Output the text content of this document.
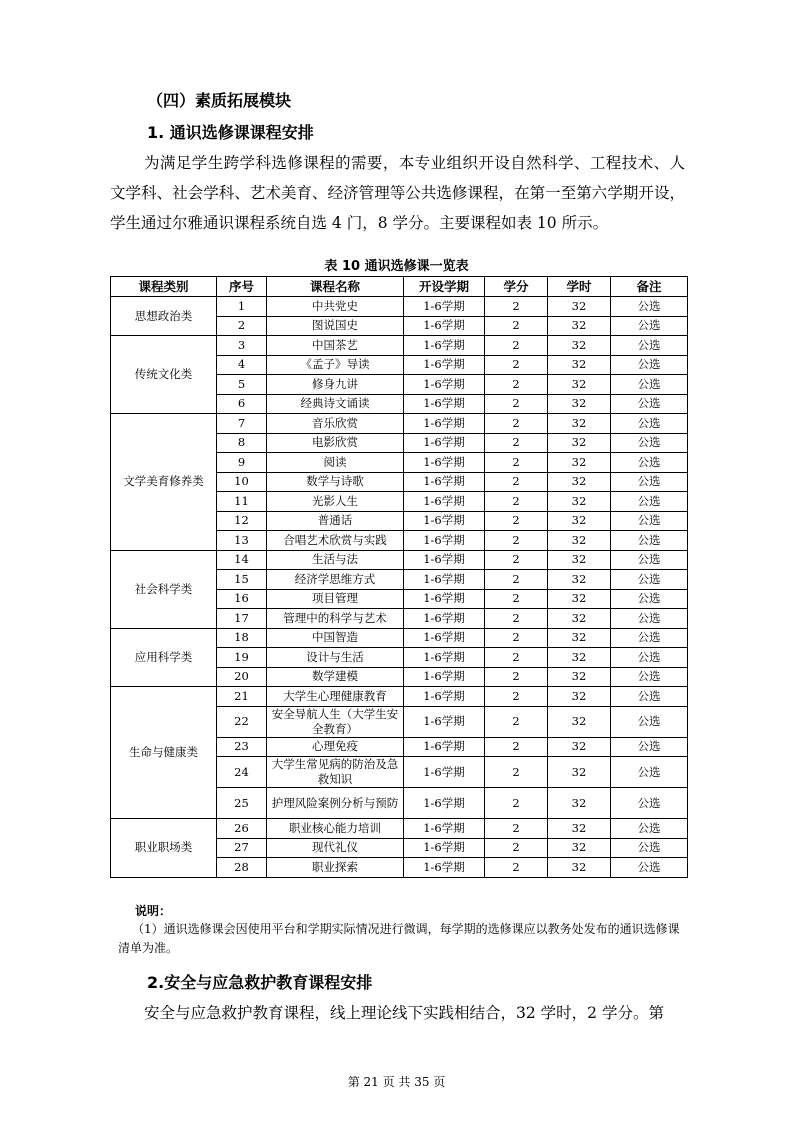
（四）素质拓展模块
1. 通识选修课课程安排
为满足学生跨学科选修课程的需要，本专业组织开设自然科学、工程技术、人文学科、社会学科、艺术美育、经济管理等公共选修课程，在第一至第六学期开设，学生通过尔雅通识课程系统自选 4 门，8 学分。主要课程如表 10 所示。
表 10 通识选修课一览表
课程类别	序号	课程名称	开设学期	学分	学时	备注
思想政治类	1	中共党史	1-6学期	2	32	公选
	2	图说国史	1-6学期	2	32	公选
传统文化类	3	中国茶艺	1-6学期	2	32	公选
	4	《孟子》导读	1-6学期	2	32	公选
	5	修身九讲	1-6学期	2	32	公选
	6	经典诗文诵读	1-6学期	2	32	公选
文学美育修养类	7	音乐欣赏	1-6学期	2	32	公选
	8	电影欣赏	1-6学期	2	32	公选
	9	阅读	1-6学期	2	32	公选
	10	数学与诗歌	1-6学期	2	32	公选
	11	光影人生	1-6学期	2	32	公选
	12	普通话	1-6学期	2	32	公选
	13	合唱艺术欣赏与实践	1-6学期	2	32	公选
社会科学类	14	生活与法	1-6学期	2	32	公选
	15	经济学思维方式	1-6学期	2	32	公选
	16	项目管理	1-6学期	2	32	公选
	17	管理中的科学与艺术	1-6学期	2	32	公选
应用科学类	18	中国智造	1-6学期	2	32	公选
	19	设计与生活	1-6学期	2	32	公选
	20	数学建模	1-6学期	2	32	公选
生命与健康类	21	大学生心理健康教育	1-6学期	2	32	公选
	22	安全导航人生（大学生安全教育）	1-6学期	2	32	公选
	23	心理免疫	1-6学期	2	32	公选
	24	大学生常见病的防治及急救知识	1-6学期	2	32	公选
	25	护理风险案例分析与预防	1-6学期	2	32	公选
职业职场类	26	职业核心能力培训	1-6学期	2	32	公选
	27	现代礼仪	1-6学期	2	32	公选
	28	职业探索	1-6学期	2	32	公选
说明：
（1）通识选修课会因使用平台和学期实际情况进行微调，每学期的选修课应以教务处发布的通识选修课清单为准。
2.安全与应急救护教育课程安排
安全与应急救护教育课程，线上理论线下实践相结合，32 学时，2 学分。第
第 21 页 共 35 页
